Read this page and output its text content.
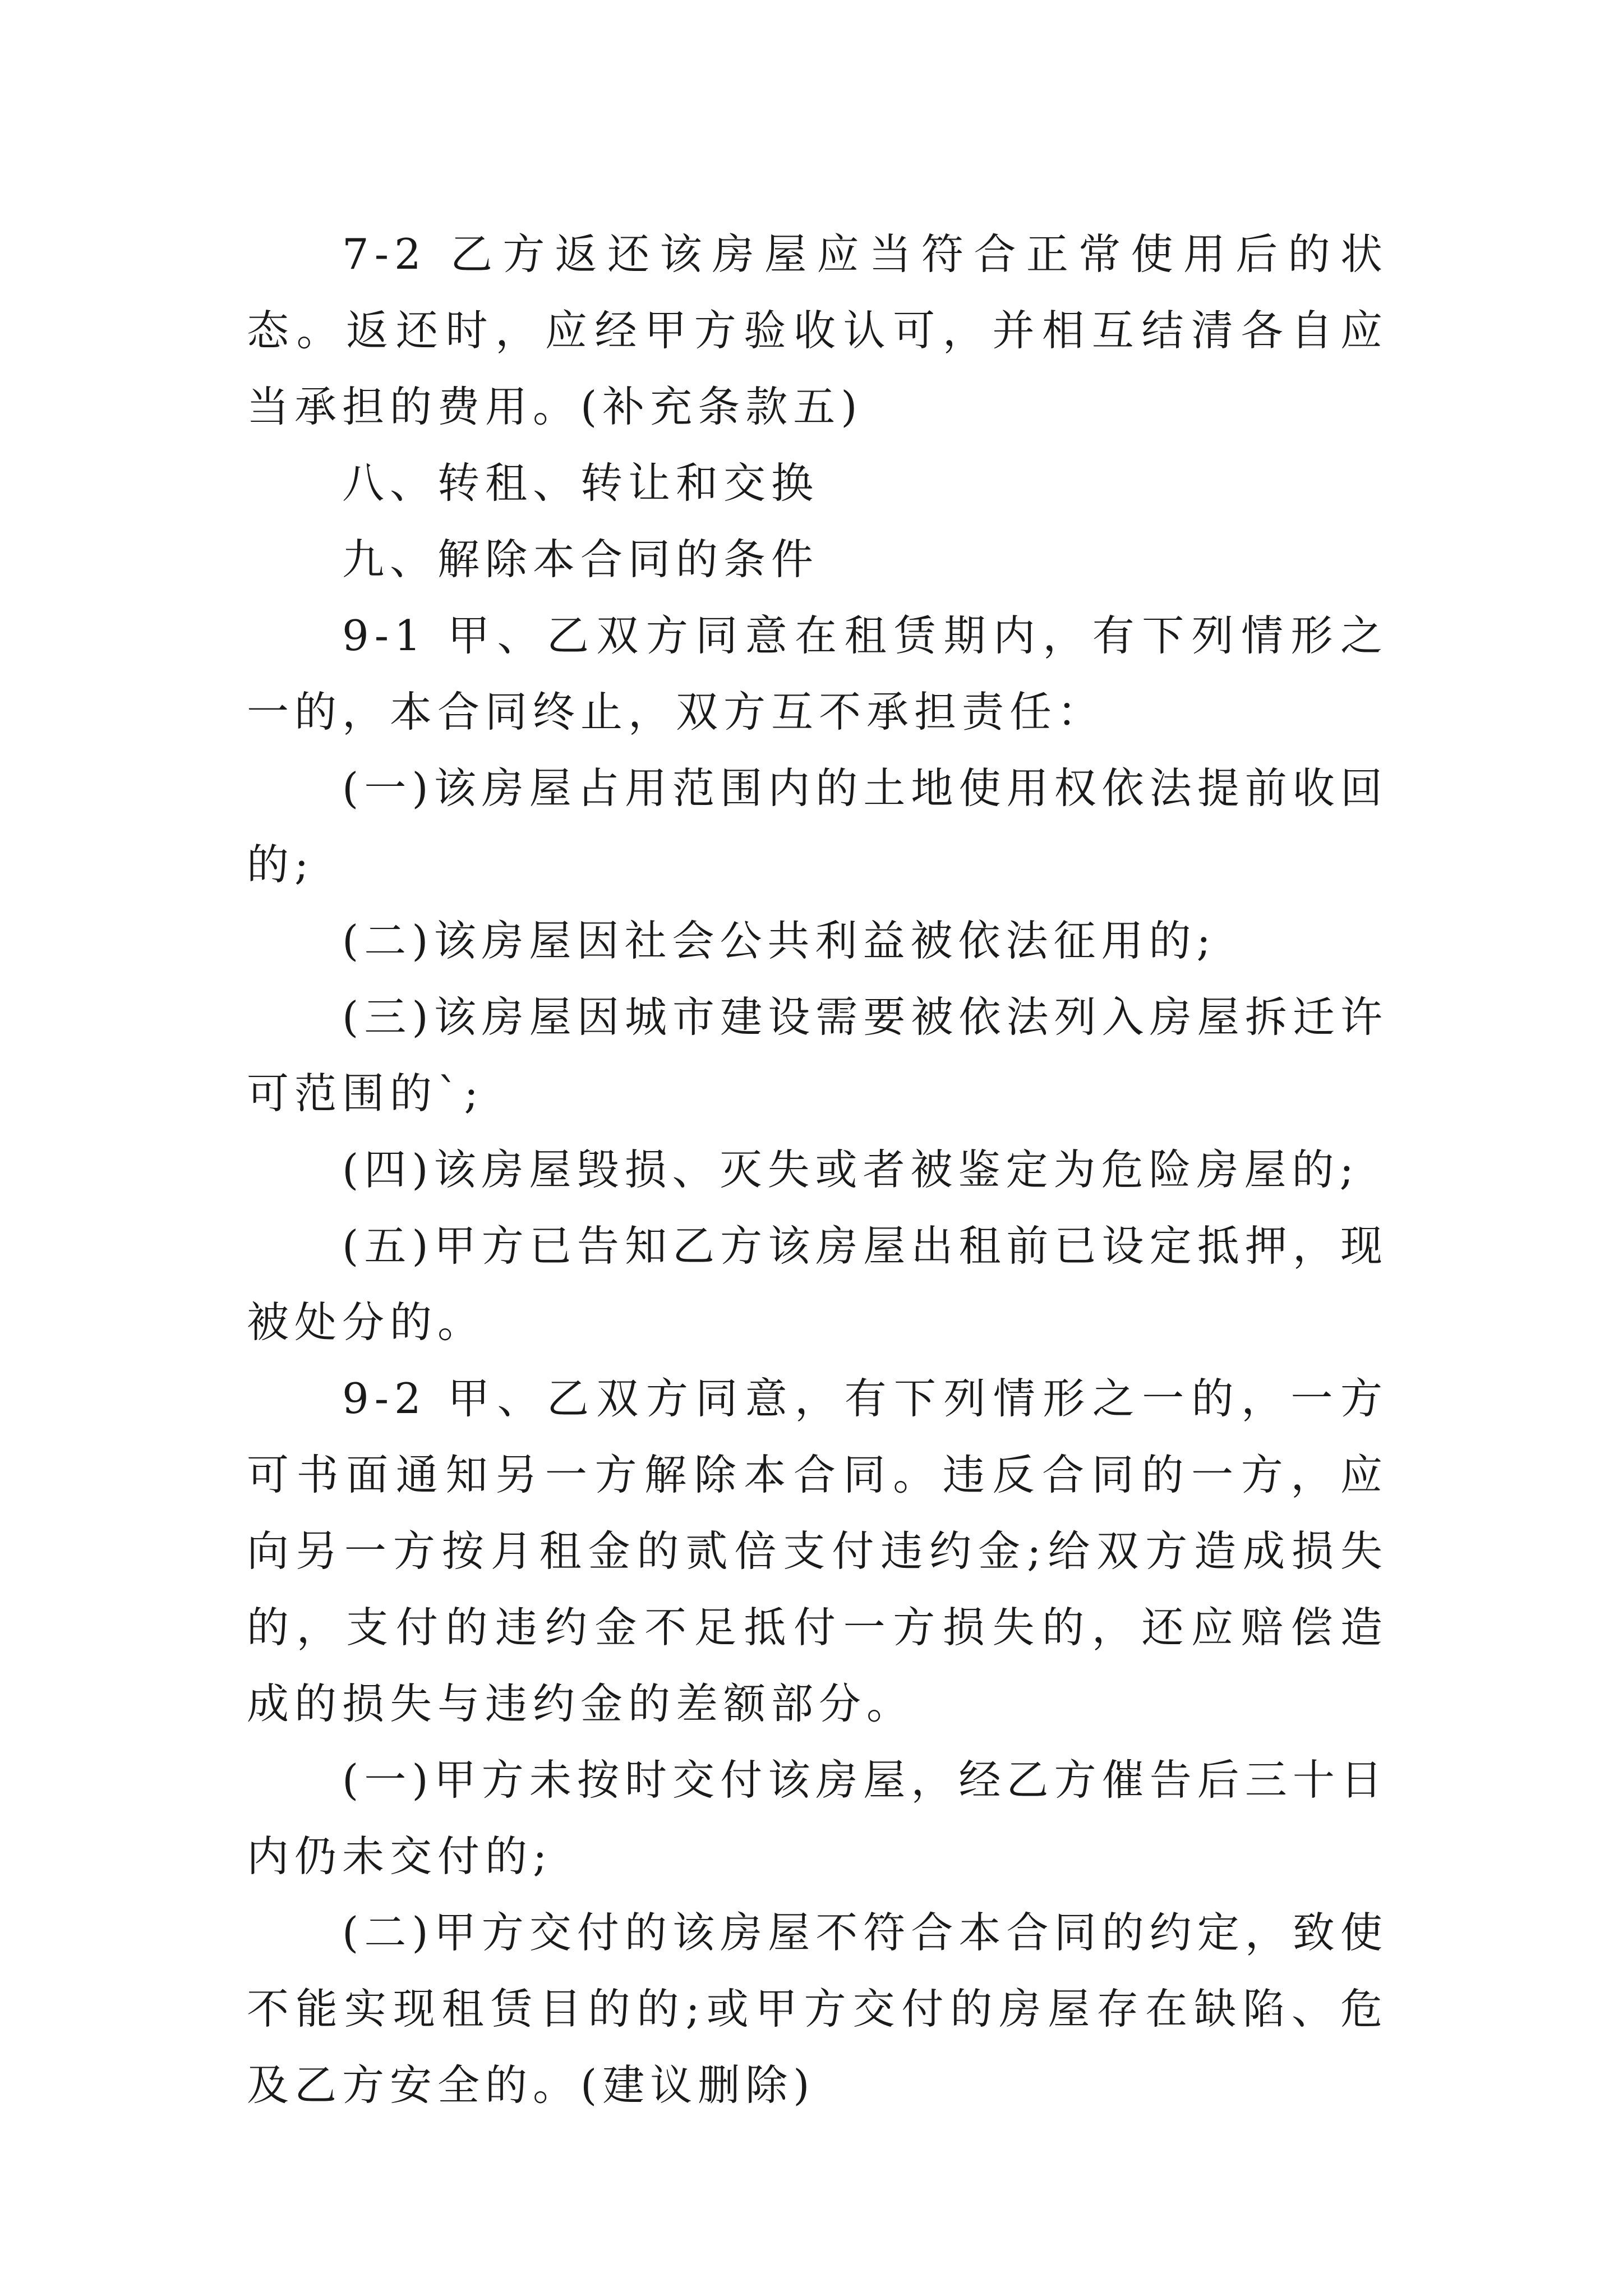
7-2 乙方返还该房屋应当符合正常使用后的状态。返还时，应经甲方验收认可，并相互结清各自应当承担的费用。(补充条款五)

八、转租、转让和交换

九、解除本合同的条件

9-1 甲、乙双方同意在租赁期内，有下列情形之一的，本合同终止，双方互不承担责任：

(一)该房屋占用范围内的土地使用权依法提前收回的;

(二)该房屋因社会公共利益被依法征用的;

(三)该房屋因城市建设需要被依法列入房屋拆迁许可范围的`;

(四)该房屋毁损、灭失或者被鉴定为危险房屋的;

(五)甲方已告知乙方该房屋出租前已设定抵押，现被处分的。

9-2 甲、乙双方同意，有下列情形之一的，一方可书面通知另一方解除本合同。违反合同的一方，应向另一方按月租金的贰倍支付违约金;给双方造成损失的，支付的违约金不足抵付一方损失的，还应赔偿造成的损失与违约金的差额部分。

(一)甲方未按时交付该房屋，经乙方催告后三十日内仍未交付的;

(二)甲方交付的该房屋不符合本合同的约定，致使不能实现租赁目的的;或甲方交付的房屋存在缺陷、危及乙方安全的。(建议删除)
